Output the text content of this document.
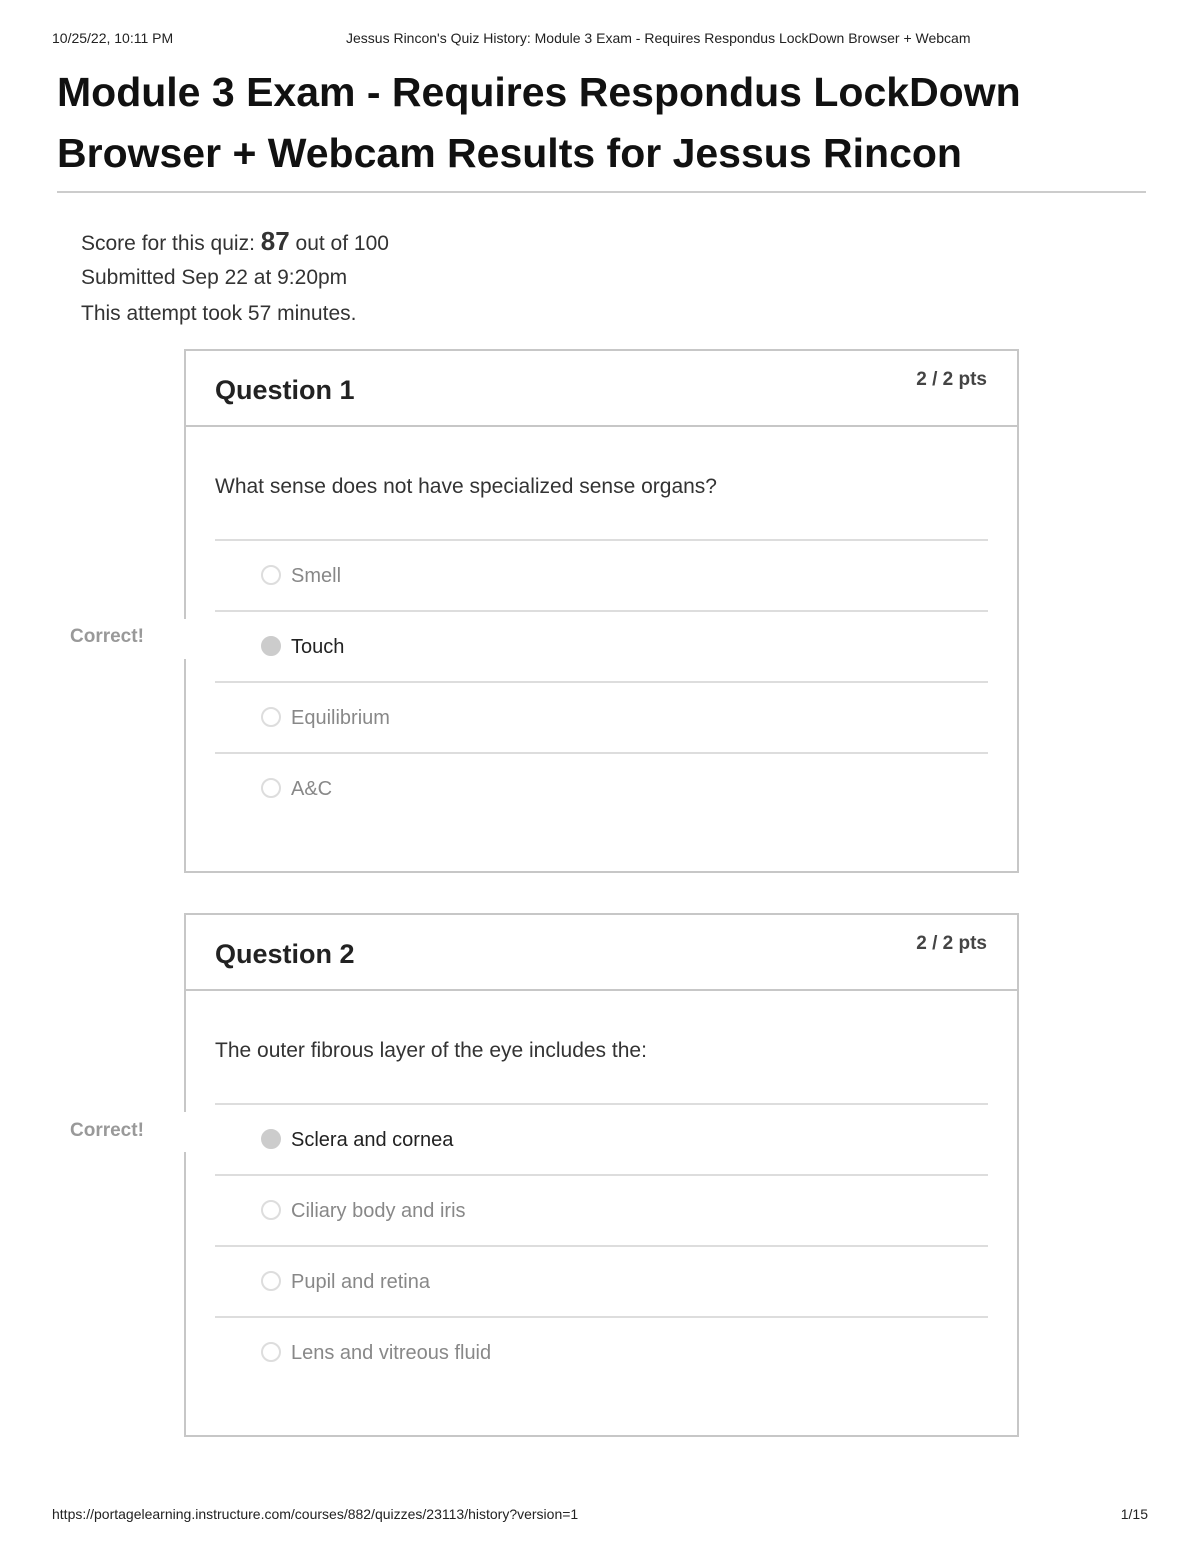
10/25/22, 10:11 PM	Jessus Rincon's Quiz History: Module 3 Exam - Requires Respondus LockDown Browser + Webcam
Module 3 Exam - Requires Respondus LockDown Browser + Webcam Results for Jessus Rincon
Score for this quiz: 87 out of 100
Submitted Sep 22 at 9:20pm
This attempt took 57 minutes.
Question 1	2 / 2 pts
What sense does not have specialized sense organs?
Smell
Touch
Equilibrium
A&C
Correct!
Question 2	2 / 2 pts
The outer fibrous layer of the eye includes the:
Sclera and cornea
Ciliary body and iris
Pupil and retina
Lens and vitreous fluid
Correct!
https://portagelearning.instructure.com/courses/882/quizzes/23113/history?version=1	1/15
